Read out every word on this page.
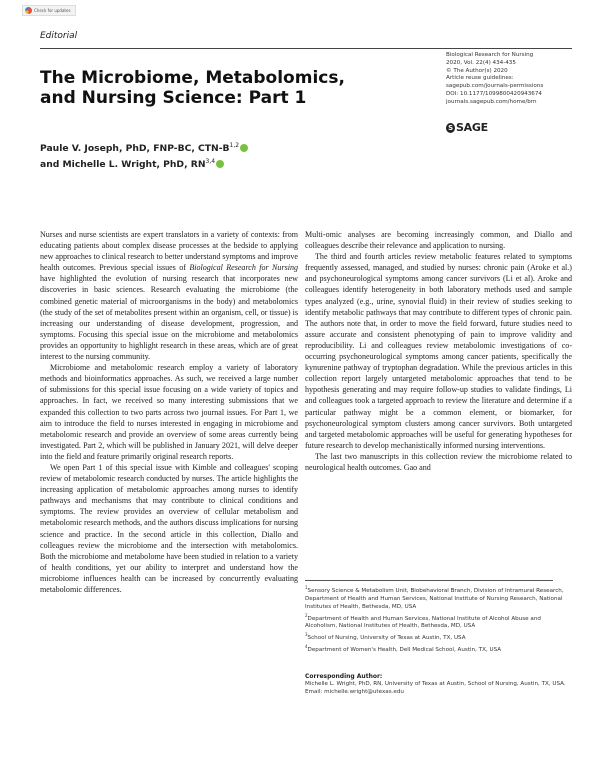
Check for updates
Editorial
Biological Research for Nursing
2020, Vol. 22(4) 434-435
© The Author(s) 2020
Article reuse guidelines:
sagepub.com/journals-permissions
DOI: 10.1177/1099800420943674
journals.sagepub.com/home/brn
S SAGE
The Microbiome, Metabolomics,
and Nursing Science: Part 1
Paule V. Joseph, PhD, FNP-BC, CTN-$B^{1,2}$
and Michelle L. Wright, PhD, RN$^{3,4}$

Nurses and nurse scientists are expert translators in a variety of contexts: from educating patients about complex disease processes at the bedside to applying new approaches to clinical research to better understand symptoms and improve health outcomes. Previous special issues of Biological Research for Nursing have highlighted the evolution of nursing research that incorporates new discoveries in basic sciences. Research evaluating the microbiome (the combined genetic material of microorganisms in the body) and metabolomics (the study of the set of metabolites present within an organism, cell, or tissue) is increasing our understanding of disease development, progression, and symptoms. Focusing this special issue on the microbiome and metabolomics provides an opportunity to highlight research in these areas, which are of great interest to the nursing community.

Microbiome and metabolomic research employ a variety of laboratory methods and bioinformatics approaches. As such, we received a large number of submissions for this special issue focusing on a wide variety of topics and approaches. In fact, we received so many interesting submissions that we expanded this collection to two parts across two journal issues. For Part 1, we aim to introduce the field to nurses interested in engaging in microbiome and metabolomic research and provide an overview of some areas currently being investigated. Part 2, which will be published in January 2021, will delve deeper into the field and feature primarily original research reports.

We open Part 1 of this special issue with Kimble and colleagues' scoping review of metabolomic research conducted by nurses. The article highlights the increasing application of metabolomic approaches among nurses to identify pathways and mechanisms that may contribute to clinical conditions and symptoms. The review provides an overview of cellular metabolism and metabolomic research methods, and the authors discuss implications for nursing science and practice. In the second article in this collection, Diallo and colleagues review the microbiome and the intersection with metabolomics. Both the microbiome and metabolome have been studied in relation to a variety of health conditions, yet our ability to interpret and understand how the microbiome influences health can be increased by concurrently evaluating metabolomic differences.

Multi-omic analyses are becoming increasingly common, and Diallo and colleagues describe their relevance and application to nursing.

The third and fourth articles review metabolic features related to symptoms frequently assessed, managed, and studied by nurses: chronic pain (Aroke et al.) and psychoneurological symptoms among cancer survivors (Li et al). Aroke and colleagues identify heterogeneity in both laboratory methods used and sample types analyzed (e.g., urine, synovial fluid) in their review of studies seeking to identify metabolic pathways that may contribute to different types of chronic pain. The authors note that, in order to move the field forward, future studies need to assure accurate and consistent phenotyping of pain to improve validity and reproducibility. Li and colleagues review metabolomic investigations of co-occurring psychoneurological symptoms among cancer patients, specifically the kynurenine pathway of tryptophan degradation. While the previous articles in this collection report largely untargeted metabolomic approaches that tend to be hypothesis generating and may require follow-up studies to validate findings, Li and colleagues took a targeted approach to review the literature and determine if a particular pathway might be a common element, or biomarker, for psychoneurological symptom clusters among cancer survivors. Both untargeted and targeted metabolomic approaches will be useful for generating hypotheses for future research to develop mechanistically informed nursing interventions.

The last two manuscripts in this collection review the microbiome related to neurological health outcomes. Gao and

$^1$Sensory Science & Metabolism Unit, Biobehavioral Branch, Division of Intramural Research, Department of Health and Human Services, National Institute of Nursing Research, National Institutes of Health, Bethesda, MD, USA
$^2$Department of Health and Human Services, National Institute of Alcohol Abuse and Alcoholism, National Institutes of Health, Bethesda, MD, USA
$^3$School of Nursing, University of Texas at Austin, TX, USA
$^4$Department of Women's Health, Dell Medical School, Austin, TX, USA
Corresponding Author:
Michelle L. Wright, PhD, RN, University of Texas at Austin, School of Nursing, Austin, TX, USA.
Email: michelle.wright@utexas.edu
